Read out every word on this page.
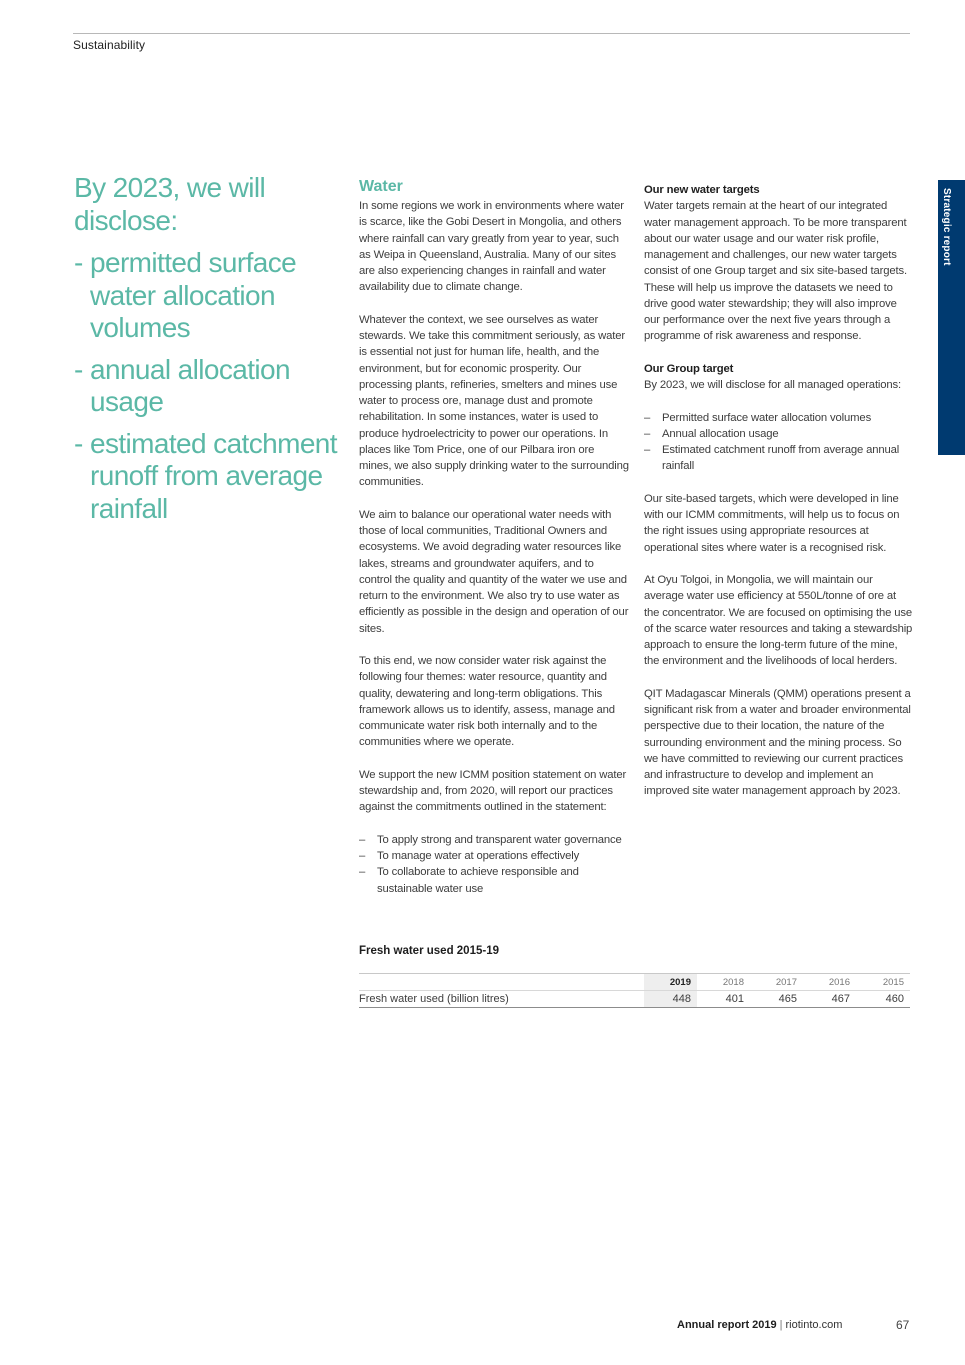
Sustainability
Strategic report
By 2023, we will disclose:
- permitted surface water allocation volumes
- annual allocation usage
- estimated catchment runoff from average rainfall
Water

In some regions we work in environments where water is scarce, like the Gobi Desert in Mongolia, and others where rainfall can vary greatly from year to year, such as Weipa in Queensland, Australia. Many of our sites are also experiencing changes in rainfall and water availability due to climate change.

Whatever the context, we see ourselves as water stewards. We take this commitment seriously, as water is essential not just for human life, health, and the environment, but for economic prosperity. Our processing plants, refineries, smelters and mines use water to process ore, manage dust and promote rehabilitation. In some instances, water is used to produce hydroelectricity to power our operations. In places like Tom Price, one of our Pilbara iron ore mines, we also supply drinking water to the surrounding communities.

We aim to balance our operational water needs with those of local communities, Traditional Owners and ecosystems. We avoid degrading water resources like lakes, streams and groundwater aquifers, and to control the quality and quantity of the water we use and return to the environment. We also try to use water as efficiently as possible in the design and operation of our sites.

To this end, we now consider water risk against the following four themes: water resource, quantity and quality, dewatering and long-term obligations. This framework allows us to identify, assess, manage and communicate water risk both internally and to the communities where we operate.

We support the new ICMM position statement on water stewardship and, from 2020, will report our practices against the commitments outlined in the statement:

– To apply strong and transparent water governance
– To manage water at operations effectively
– To collaborate to achieve responsible and sustainable water use
Our new water targets

Water targets remain at the heart of our integrated water management approach. To be more transparent about our water usage and our water risk profile, management and challenges, our new water targets consist of one Group target and six site-based targets. These will help us improve the datasets we need to drive good water stewardship; they will also improve our performance over the next five years through a programme of risk awareness and response.

Our Group target

By 2023, we will disclose for all managed operations:

– Permitted surface water allocation volumes
– Annual allocation usage
– Estimated catchment runoff from average annual rainfall

Our site-based targets, which were developed in line with our ICMM commitments, will help us to focus on the right issues using appropriate resources at operational sites where water is a recognised risk.

At Oyu Tolgoi, in Mongolia, we will maintain our average water use efficiency at 550L/tonne of ore at the concentrator. We are focused on optimising the use of the scarce water resources and taking a stewardship approach to ensure the long-term future of the mine, the environment and the livelihoods of local herders.

QIT Madagascar Minerals (QMM) operations present a significant risk from a water and broader environmental perspective due to their location, the nature of the surrounding environment and the mining process. So we have committed to reviewing our current practices and infrastructure to develop and implement an improved site water management approach by 2023.

Fresh water used 2015-19
	2019	2018	2017	2016	2015
Fresh water used (billion litres)	448	401	465	467	460
Annual report 2019 | riotinto.com	67
